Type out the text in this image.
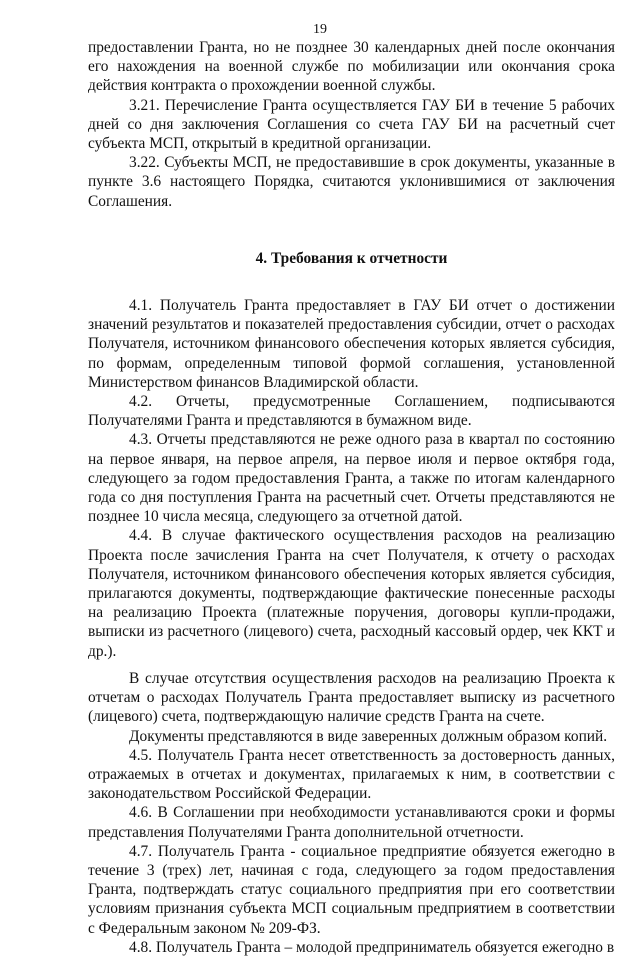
19

предоставлении Гранта, но не позднее 30 календарных дней после окончания его нахождения на военной службе по мобилизации или окончания срока действия контракта о прохождении военной службы.

3.21. Перечисление Гранта осуществляется ГАУ БИ в течение 5 рабочих дней со дня заключения Соглашения со счета ГАУ БИ на расчетный счет субъекта МСП, открытый в кредитной организации.

3.22. Субъекты МСП, не предоставившие в срок документы, указанные в пункте 3.6 настоящего Порядка, считаются уклонившимися от заключения Соглашения.

4. Требования к отчетности

4.1. Получатель Гранта предоставляет в ГАУ БИ отчет о достижении значений результатов и показателей предоставления субсидии, отчет о расходах Получателя, источником финансового обеспечения которых является субсидия, по формам, определенным типовой формой соглашения, установленной Министерством финансов Владимирской области.

4.2. Отчеты, предусмотренные Соглашением, подписываются Получателями Гранта и представляются в бумажном виде.

4.3. Отчеты представляются не реже одного раза в квартал по состоянию на первое января, на первое апреля, на первое июля и первое октября года, следующего за годом предоставления Гранта, а также по итогам календарного года со дня поступления Гранта на расчетный счет. Отчеты представляются не позднее 10 числа месяца, следующего за отчетной датой.

4.4. В случае фактического осуществления расходов на реализацию Проекта после зачисления Гранта на счет Получателя, к отчету о расходах Получателя, источником финансового обеспечения которых является субсидия, прилагаются документы, подтверждающие фактические понесенные расходы на реализацию Проекта (платежные поручения, договоры купли-продажи, выписки из расчетного (лицевого) счета, расходный кассовый ордер, чек ККТ и др.).

В случае отсутствия осуществления расходов на реализацию Проекта к отчетам о расходах Получатель Гранта предоставляет выписку из расчетного (лицевого) счета, подтверждающую наличие средств Гранта на счете.

Документы представляются в виде заверенных должным образом копий.

4.5. Получатель Гранта несет ответственность за достоверность данных, отражаемых в отчетах и документах, прилагаемых к ним, в соответствии с законодательством Российской Федерации.

4.6. В Соглашении при необходимости устанавливаются сроки и формы представления Получателями Гранта дополнительной отчетности.

4.7. Получатель Гранта - социальное предприятие обязуется ежегодно в течение 3 (трех) лет, начиная с года, следующего за годом предоставления Гранта, подтверждать статус социального предприятия при его соответствии условиям признания субъекта МСП социальным предприятием в соответствии с Федеральным законом № 209-ФЗ.

4.8. Получатель Гранта – молодой предприниматель обязуется ежегодно в
